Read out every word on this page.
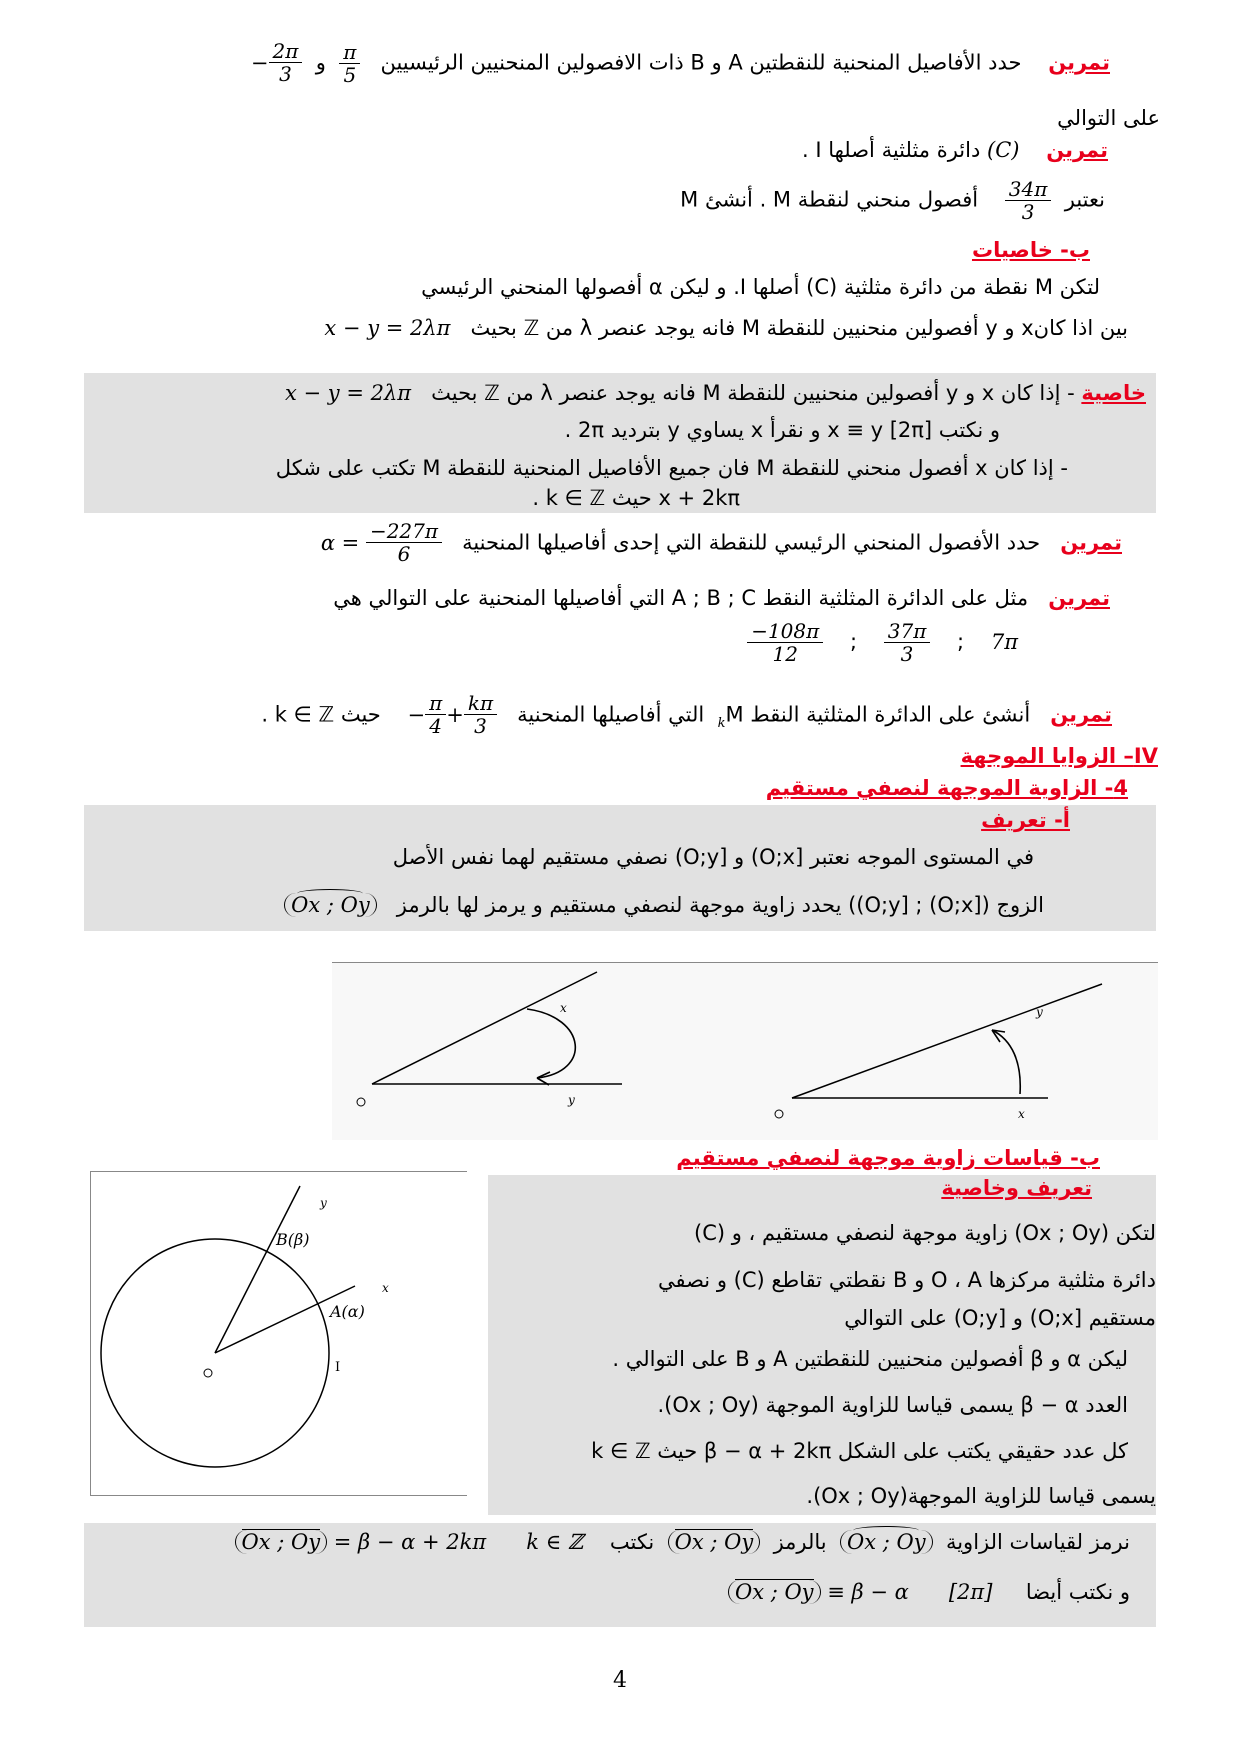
تمرين    حدد الأفاصيل المنحنية للنقطتين A و B ذات الافصولين المنحنيين الرئيسيين
$\frac{\pi}{5}$
و
− $\frac{2\pi}{3}$
على التوالي
تمرين    (C) دائرة مثلثية أصلها I .
نعتبر
$\frac{34\pi}{3}$
أفصول منحني لنقطة M . أنشئ M
ب- خاصيات
لتكن M نقطة من دائرة مثلثية (C) أصلها I. و ليكن α أفصولها المنحني الرئيسي
بين اذا كانx و y أفصولين منحنيين للنقطة M فانه يوجد عنصر λ من ℤ بحيث   x − y = 2λπ
خاصية - إذا كان x و y أفصولين منحنيين للنقطة M فانه يوجد عنصر λ من ℤ بحيث   x − y = 2λπ
و نكتب x ≡ y [2π] و نقرأ x يساوي y بترديد 2π .
- إذا كان x أفصول منحني للنقطة M فان جميع الأفاصيل المنحنية للنقطة M تكتب على شكل
x + 2kπ حيث k ∈ ℤ .
تمرين   حدد الأفصول المنحني الرئيسي للنقطة التي إحدى أفاصيلها المنحنية
α =
$\frac{-227\pi}{6}$
تمرين   مثل على الدائرة المثلثية النقط A ; B ; C التي أفاصيلها المنحنية على التوالي هي
$\frac{-108\pi}{12}$ ; $\frac{37\pi}{3}$ ; 7π
تمرين   أنشئ على الدائرة المثلثية النقط $M_k$  التي أفاصيلها المنحنية
− $\frac{\pi}{4} + \frac{k\pi}{3}$
حيث k ∈ ℤ .
IV– الزوايا الموجهة
4- الزاوية الموجهة لنصفي مستقيم
أ- تعريف
في المستوى الموجه نعتبر [O;x) و [O;y) نصفي مستقيم لهما نفس الأصل
الزوج ([O;x) ; [O;y)) يحدد زاوية موجهة لنصفي مستقيم و يرمز لها بالرمز   Ox ; Oy
x
y
y
x
ب- قياسات زاوية موجهة لنصفي مستقيم
I
A(α)
B(β)
x
y
تعريف وخاصية
لتكن (Ox ; Oy) زاوية موجهة لنصفي مستقيم ، و (C)
دائرة مثلثية مركزها O ، A و B نقطتي تقاطع (C) و نصفي
مستقيم [O;x) و [O;y) على التوالي
ليكن α و β أفصولين منحنيين للنقطتين A و B على التوالي .
العدد β − α يسمى قياسا للزاوية الموجهة (Ox ; Oy).
كل عدد حقيقي يكتب على الشكل β − α + 2kπ حيث k ∈ ℤ
يسمى قياسا للزاوية الموجهة(Ox ; Oy).
نرمز لقياسات الزاوية  Ox ; Oy  بالرمز  Ox ; Oy  نكتب    k ∈ ℤ
Ox ; Oy
= β − α + 2kπ
و نكتب أيضا     [2π]
Ox ; Oy
≡ β − α
4
